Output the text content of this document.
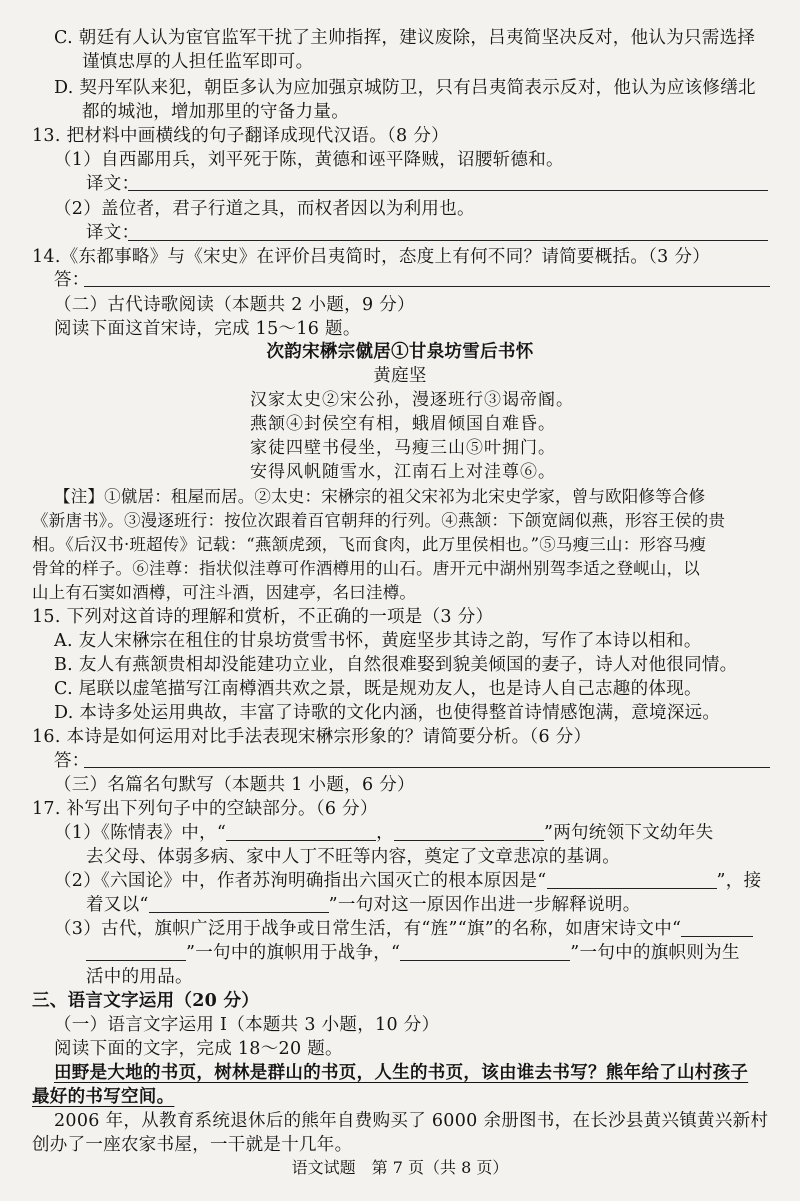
C. 朝廷有人认为宦官监军干扰了主帅指挥，建议废除，吕夷简坚决反对，他认为只需选择
谨慎忠厚的人担任监军即可。
D. 契丹军队来犯，朝臣多认为应加强京城防卫，只有吕夷简表示反对，他认为应该修缮北
都的城池，增加那里的守备力量。
13. 把材料中画横线的句子翻译成现代汉语。（8 分）
（1）自西鄙用兵，刘平死于陈，黄德和诬平降贼，诏腰斩德和。
译文：
（2）盖位者，君子行道之具，而权者因以为利用也。
译文：
14.《东都事略》与《宋史》在评价吕夷简时，态度上有何不同？请简要概括。（3 分）
答：
（二）古代诗歌阅读（本题共 2 小题，9 分）
阅读下面这首宋诗，完成 15～16 题。
次韵宋楙宗僦居①甘泉坊雪后书怀
黄庭坚
汉家太史②宋公孙，漫逐班行③谒帝阍。
燕颔④封侯空有相，蛾眉倾国自难昏。
家徒四壁书侵坐，马瘦三山⑤叶拥门。
安得风帆随雪水，江南石上对洼尊⑥。
【注】①僦居：租屋而居。②太史：宋楙宗的祖父宋祁为北宋史学家，曾与欧阳修等合修
《新唐书》。③漫逐班行：按位次跟着百官朝拜的行列。④燕颔：下颌宽阔似燕，形容王侯的贵
相。《后汉书·班超传》记载：“燕颔虎颈，飞而食肉，此万里侯相也。”⑤马瘦三山：形容马瘦
骨耸的样子。⑥洼尊：指状似洼尊可作酒樽用的山石。唐开元中湖州别驾李适之登岘山，以
山上有石窦如酒樽，可注斗酒，因建亭，名曰洼樽。
15. 下列对这首诗的理解和赏析，不正确的一项是（3 分）
A. 友人宋楙宗在租住的甘泉坊赏雪书怀，黄庭坚步其诗之韵，写作了本诗以相和。
B. 友人有燕颔贵相却没能建功立业，自然很难娶到貌美倾国的妻子，诗人对他很同情。
C. 尾联以虚笔描写江南樽酒共欢之景，既是规劝友人，也是诗人自己志趣的体现。
D. 本诗多处运用典故，丰富了诗歌的文化内涵，也使得整首诗情感饱满，意境深远。
16. 本诗是如何运用对比手法表现宋楙宗形象的？请简要分析。（6 分）
答：
（三）名篇名句默写（本题共 1 小题，6 分）
17. 补写出下列句子中的空缺部分。（6 分）
（1）《陈情表》中，“	，	”两句统领下文幼年失
去父母、体弱多病、家中人丁不旺等内容，奠定了文章悲凉的基调。
（2）《六国论》中，作者苏洵明确指出六国灭亡的根本原因是“	”，接
着又以“	”一句对这一原因作出进一步解释说明。
（3）古代，旗帜广泛用于战争或日常生活，有“旌”“旗”的名称，如唐宋诗文中“
”一句中的旗帜用于战争，“	”一句中的旗帜则为生
活中的用品。
三、语言文字运用（20 分）
（一）语言文字运用 Ⅰ（本题共 3 小题，10 分）
阅读下面的文字，完成 18～20 题。
田野是大地的书页，树林是群山的书页，人生的书页，该由谁去书写？熊年给了山村孩子
最好的书写空间。
2006 年，从教育系统退休后的熊年自费购买了 6000 余册图书，在长沙县黄兴镇黄兴新村
创办了一座农家书屋，一干就是十几年。
语文试题　第 7 页（共 8 页）
